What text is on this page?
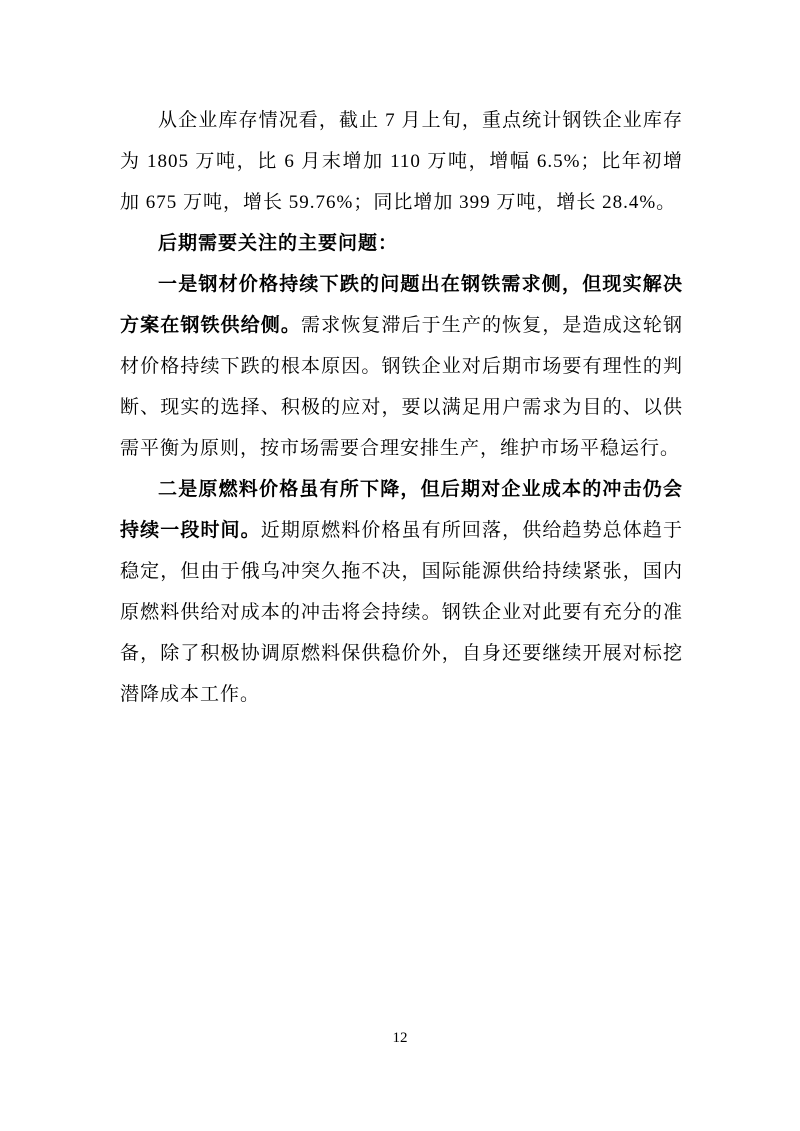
从企业库存情况看，截止 7 月上旬，重点统计钢铁企业库存为 1805 万吨，比 6 月末增加 110 万吨，增幅 6.5%；比年初增加 675 万吨，增长 59.76%；同比增加 399 万吨，增长 28.4%。

后期需要关注的主要问题：

一是钢材价格持续下跌的问题出在钢铁需求侧，但现实解决方案在钢铁供给侧。需求恢复滞后于生产的恢复，是造成这轮钢材价格持续下跌的根本原因。钢铁企业对后期市场要有理性的判断、现实的选择、积极的应对，要以满足用户需求为目的、以供需平衡为原则，按市场需要合理安排生产，维护市场平稳运行。

二是原燃料价格虽有所下降，但后期对企业成本的冲击仍会持续一段时间。近期原燃料价格虽有所回落，供给趋势总体趋于稳定，但由于俄乌冲突久拖不决，国际能源供给持续紧张，国内原燃料供给对成本的冲击将会持续。钢铁企业对此要有充分的准备，除了积极协调原燃料保供稳价外，自身还要继续开展对标挖潜降成本工作。

12
